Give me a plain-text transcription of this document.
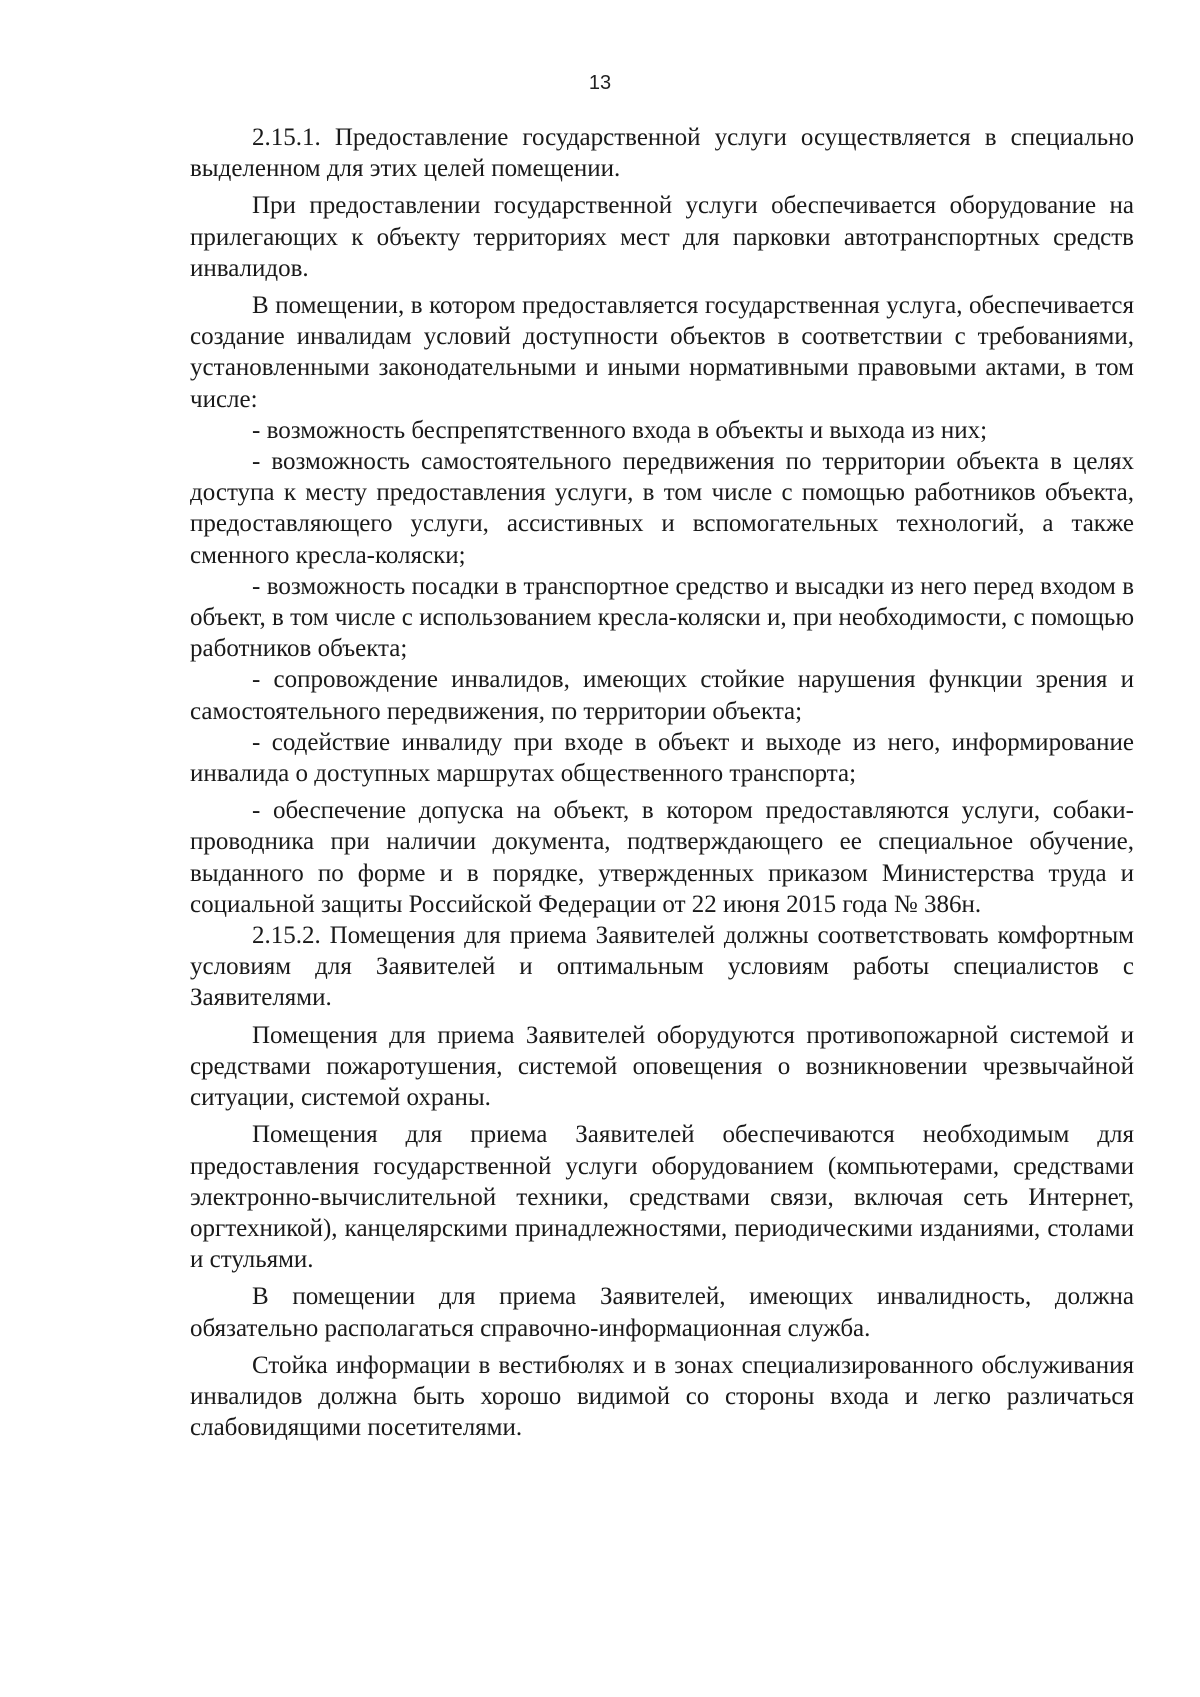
13

2.15.1. Предоставление государственной услуги осуществляется в специально выделенном для этих целей помещении.

При предоставлении государственной услуги обеспечивается оборудование на прилегающих к объекту территориях мест для парковки автотранспортных средств инвалидов.

В помещении, в котором предоставляется государственная услуга, обеспечивается создание инвалидам условий доступности объектов в соответствии с требованиями, установленными законодательными и иными нормативными правовыми актами, в том числе:

- возможность беспрепятственного входа в объекты и выхода из них;

- возможность самостоятельного передвижения по территории объекта в целях доступа к месту предоставления услуги, в том числе с помощью работников объекта, предоставляющего услуги, ассистивных и вспомогательных технологий, а также сменного кресла-коляски;

- возможность посадки в транспортное средство и высадки из него перед входом в объект, в том числе с использованием кресла-коляски и, при необходимости, с помощью работников объекта;

- сопровождение инвалидов, имеющих стойкие нарушения функции зрения и самостоятельного передвижения, по территории объекта;

- содействие инвалиду при входе в объект и выходе из него, информирование инвалида о доступных маршрутах общественного транспорта;

- обеспечение допуска на объект, в котором предоставляются услуги, собаки-проводника при наличии документа, подтверждающего ее специальное обучение, выданного по форме и в порядке, утвержденных приказом Министерства труда и социальной защиты Российской Федерации от 22 июня 2015 года № 386н.

2.15.2. Помещения для приема Заявителей должны соответствовать комфортным условиям для Заявителей и оптимальным условиям работы специалистов с Заявителями.

Помещения для приема Заявителей оборудуются противопожарной системой и средствами пожаротушения, системой оповещения о возникновении чрезвычайной ситуации, системой охраны.

Помещения для приема Заявителей обеспечиваются необходимым для предоставления государственной услуги оборудованием (компьютерами, средствами электронно-вычислительной техники, средствами связи, включая сеть Интернет, оргтехникой), канцелярскими принадлежностями, периодическими изданиями, столами и стульями.

В помещении для приема Заявителей, имеющих инвалидность, должна обязательно располагаться справочно-информационная служба.

Стойка информации в вестибюлях и в зонах специализированного обслуживания инвалидов должна быть хорошо видимой со стороны входа и легко различаться слабовидящими посетителями.
